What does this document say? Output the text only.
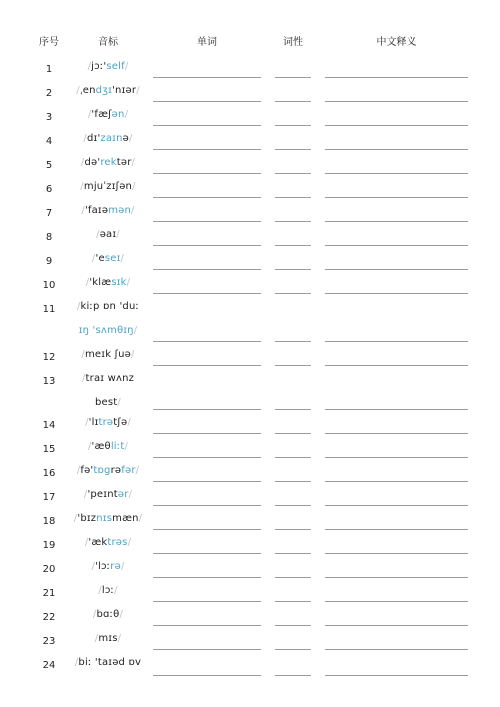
序号	音标	单词	词性	中文释义
1	/jɔː'self/
2	/ˌendʒɪ'nɪər/
3	/'fæʃən/
4	/dɪ'zaɪnə/
5	/də'rektər/
6	/mjuˈzɪʃən/
7	/'faɪəmən/
8	/əaɪ/
9	/'eseɪ/
10	/'klæsɪk/
11	/kiːp ɒn 'duː
ɪŋ 'sʌmθɪŋ/
12	/meɪk ʃuə/
13	/traɪ wʌnz
best/
14	/'lɪtrətʃə/
15	/'æθliːt/
16	/fə'tɒgrəfər/
17	/'peɪntər/
18	/'bɪznɪsmæn/
19	/'æktrəs/
20	/'lɔːrə/
21	/lɔː/
22	/bɑːθ/
23	/mɪs/
24	/biː 'taɪəd ɒv
